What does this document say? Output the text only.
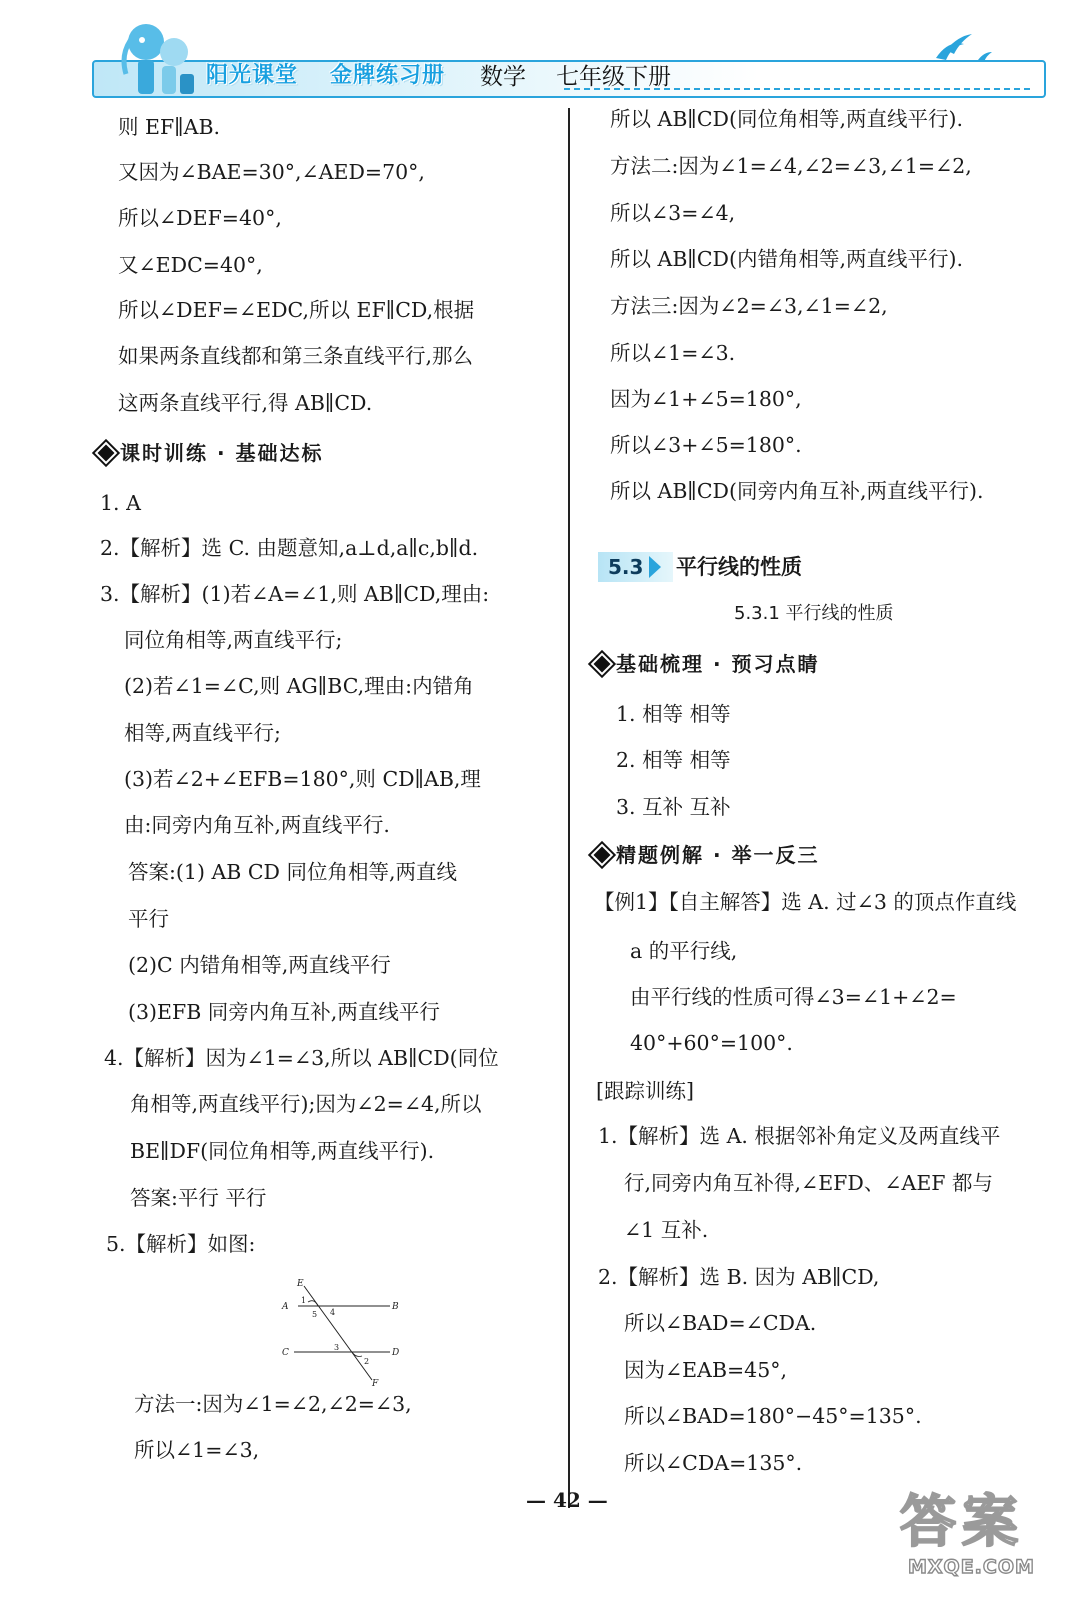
阳光课堂 金牌练习册 数学 七年级下册
则 EF∥AB.
又因为∠BAE=30°,∠AED=70°,
所以∠DEF=40°,
又∠EDC=40°,
所以∠DEF=∠EDC,所以 EF∥CD,根据
如果两条直线都和第三条直线平行,那么
这两条直线平行,得 AB∥CD.
课时训练 · 基础达标
1. A
2.【解析】选 C. 由题意知,a⊥d,a∥c,b∥d.
3.【解析】(1)若∠A=∠1,则 AB∥CD,理由:
同位角相等,两直线平行;
(2)若∠1=∠C,则 AG∥BC,理由:内错角
相等,两直线平行;
(3)若∠2+∠EFB=180°,则 CD∥AB,理
由:同旁内角互补,两直线平行.
答案:(1) AB CD 同位角相等,两直线
平行
(2)C 内错角相等,两直线平行
(3)EFB 同旁内角互补,两直线平行
4.【解析】因为∠1=∠3,所以 AB∥CD(同位
角相等,两直线平行);因为∠2=∠4,所以
BE∥DF(同位角相等,两直线平行).
答案:平行 平行
5.【解析】如图:
E
A	B
C	D
F
1
4
5
3
2
方法一:因为∠1=∠2,∠2=∠3,
所以∠1=∠3,
所以 AB∥CD(同位角相等,两直线平行).
方法二:因为∠1=∠4,∠2=∠3,∠1=∠2,
所以∠3=∠4,
所以 AB∥CD(内错角相等,两直线平行).
方法三:因为∠2=∠3,∠1=∠2,
所以∠1=∠3.
因为∠1+∠5=180°,
所以∠3+∠5=180°.
所以 AB∥CD(同旁内角互补,两直线平行).
5.3	平行线的性质
5.3.1 平行线的性质
基础梳理 · 预习点睛
1. 相等 相等
2. 相等 相等
3. 互补 互补
精题例解 · 举一反三
【例1】【自主解答】选 A. 过∠3 的顶点作直线
a 的平行线,
由平行线的性质可得∠3=∠1+∠2=
40°+60°=100°.
[跟踪训练]
1.【解析】选 A. 根据邻补角定义及两直线平
行,同旁内角互补得,∠EFD、∠AEF 都与
∠1 互补.
2.【解析】选 B. 因为 AB∥CD,
所以∠BAD=∠CDA.
因为∠EAB=45°,
所以∠BAD=180°−45°=135°.
所以∠CDA=135°.
— 42 —	答案
MXQE.COM
